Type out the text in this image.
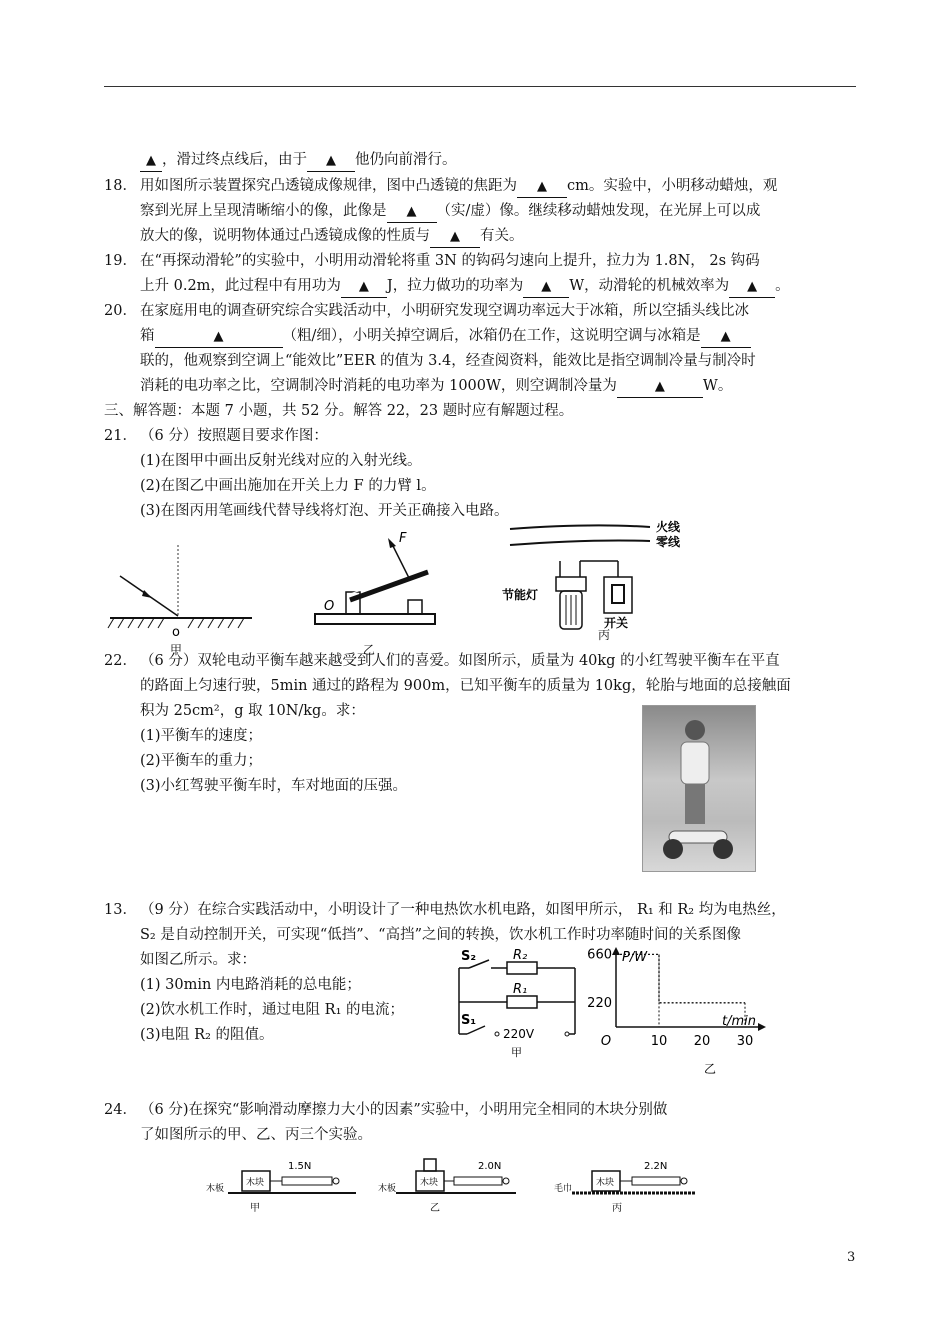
▲ ，滑过终点线后，由于 ▲ 他仍向前滑行。
18． 用如图所示装置探究凸透镜成像规律，图中凸透镜的焦距为 ▲ cm。实验中，小明移动蜡烛，观
察到光屏上呈现清晰缩小的像，此像是 ▲ （实/虚）像。继续移动蜡烛发现，在光屏上可以成
放大的像，说明物体通过凸透镜成像的性质与 ▲ 有关。
19． 在“再探动滑轮”的实验中，小明用动滑轮将重 3N 的钩码匀速向上提升，拉力为 1.8N， 2s 钩码
上升 0.2m，此过程中有用功为 ▲ J，拉力做功的功率为 ▲ W，动滑轮的机械效率为 ▲ 。
20． 在家庭用电的调查研究综合实践活动中，小明研究发现空调功率远大于冰箱，所以空插头线比冰
箱	▲	（粗/细），小明关掉空调后，冰箱仍在工作，这说明空调与冰箱是 ▲
联的，他观察到空调上“能效比”EER 的值为 3.4，经查阅资料，能效比是指空调制冷量与制冷时
消耗的电功率之比，空调制冷时消耗的电功率为 1000W，则空调制冷量为	▲	W。
三、解答题：本题 7 小题，共 52 分。解答 22，23 题时应有解题过程。
21． （6 分）按照题目要求作图：
(1)在图甲中画出反射光线对应的入射光线。
(2)在图乙中画出施加在开关上力 F 的力臂 l。
(3)在图丙用笔画线代替导线将灯泡、开关正确接入电路。
o
甲
F
O
乙
火线
零线
节能灯
开关
丙
22． （6 分）双轮电动平衡车越来越受到人们的喜爱。如图所示，质量为 40kg 的小红驾驶平衡车在平直
的路面上匀速行驶，5min 通过的路程为 900m，已知平衡车的质量为 10kg，轮胎与地面的总接触面
积为 25cm²，g 取 10N/kg。求：
(1)平衡车的速度；
(2)平衡车的重力；
(3)小红驾驶平衡车时，车对地面的压强。
13． （9 分）在综合实践活动中，小明设计了一种电热饮水机电路，如图甲所示， R₁ 和 R₂ 均为电热丝，
S₂ 是自动控制开关，可实现“低挡”、“高挡”之间的转换，饮水机工作时功率随时间的关系图像
如图乙所示。求：
(1) 30min 内电路消耗的总电能；
(2)饮水机工作时，通过电阻 R₁ 的电流；
(3)电阻 R₂ 的阻值。
S₂	R₂
R₁
S₁
220V
甲
P/W
t/min
乙
660
220
O	10 20 30
24． （6 分)在探究“影响滑动摩擦力大小的因素”实验中，小明用完全相同的木块分别做
了如图所示的甲、乙、丙三个实验。
1.5N
木块
木板
甲
2.0N
木块
木板
乙
2.2N
木块
毛巾
丙
3
